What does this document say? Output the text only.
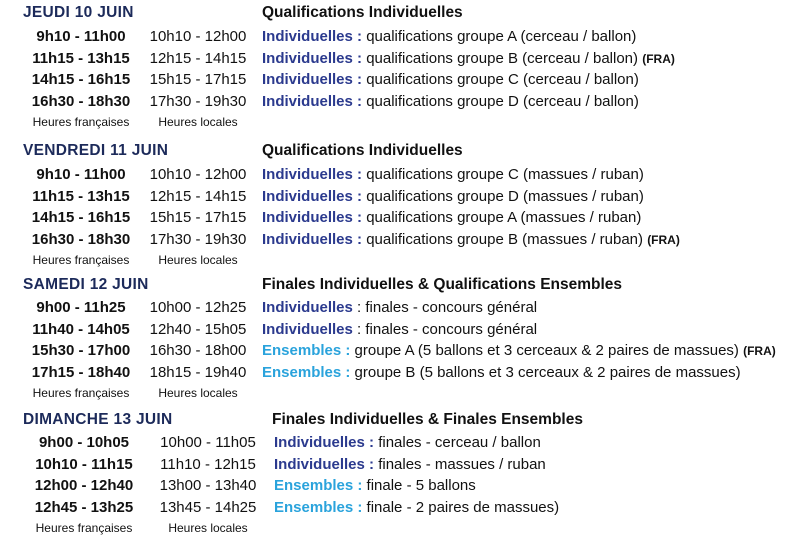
JEUDI 10 JUIN	Qualifications Individuelles
9h10 - 11h00	10h10 - 12h00	Individuelles : qualifications groupe A (cerceau / ballon)
11h15 - 13h15	12h15 - 14h15	Individuelles : qualifications groupe B (cerceau / ballon) (FRA)
14h15 - 16h15	15h15 - 17h15	Individuelles : qualifications groupe C (cerceau / ballon)
16h30 - 18h30	17h30 - 19h30	Individuelles : qualifications groupe D (cerceau / ballon)
Heures françaises	Heures locales
VENDREDI 11 JUIN	Qualifications Individuelles
9h10 - 11h00	10h10 - 12h00	Individuelles : qualifications groupe C (massues / ruban)
11h15 - 13h15	12h15 - 14h15	Individuelles : qualifications groupe D (massues / ruban)
14h15 - 16h15	15h15 - 17h15	Individuelles : qualifications groupe A (massues / ruban)
16h30 - 18h30	17h30 - 19h30	Individuelles : qualifications groupe B (massues / ruban) (FRA)
Heures françaises	Heures locales
SAMEDI 12 JUIN	Finales Individuelles & Qualifications Ensembles
9h00 - 11h25	10h00 - 12h25	Individuelles : finales - concours général
11h40 - 14h05	12h40 - 15h05	Individuelles : finales - concours général
15h30 - 17h00	16h30 - 18h00	Ensembles : groupe A (5 ballons et 3 cerceaux & 2 paires de massues) (FRA)
17h15 - 18h40	18h15 - 19h40	Ensembles : groupe B (5 ballons et 3 cerceaux & 2 paires de massues)
Heures françaises	Heures locales
DIMANCHE 13 JUIN	Finales Individuelles & Finales Ensembles
9h00 - 10h05	10h00 - 11h05	Individuelles : finales - cerceau / ballon
10h10 - 11h15	11h10 - 12h15	Individuelles : finales - massues / ruban
12h00 - 12h40	13h00 - 13h40	Ensembles : finale - 5 ballons
12h45 - 13h25	13h45 - 14h25	Ensembles : finale - 2 paires de massues)
Heures françaises	Heures locales
